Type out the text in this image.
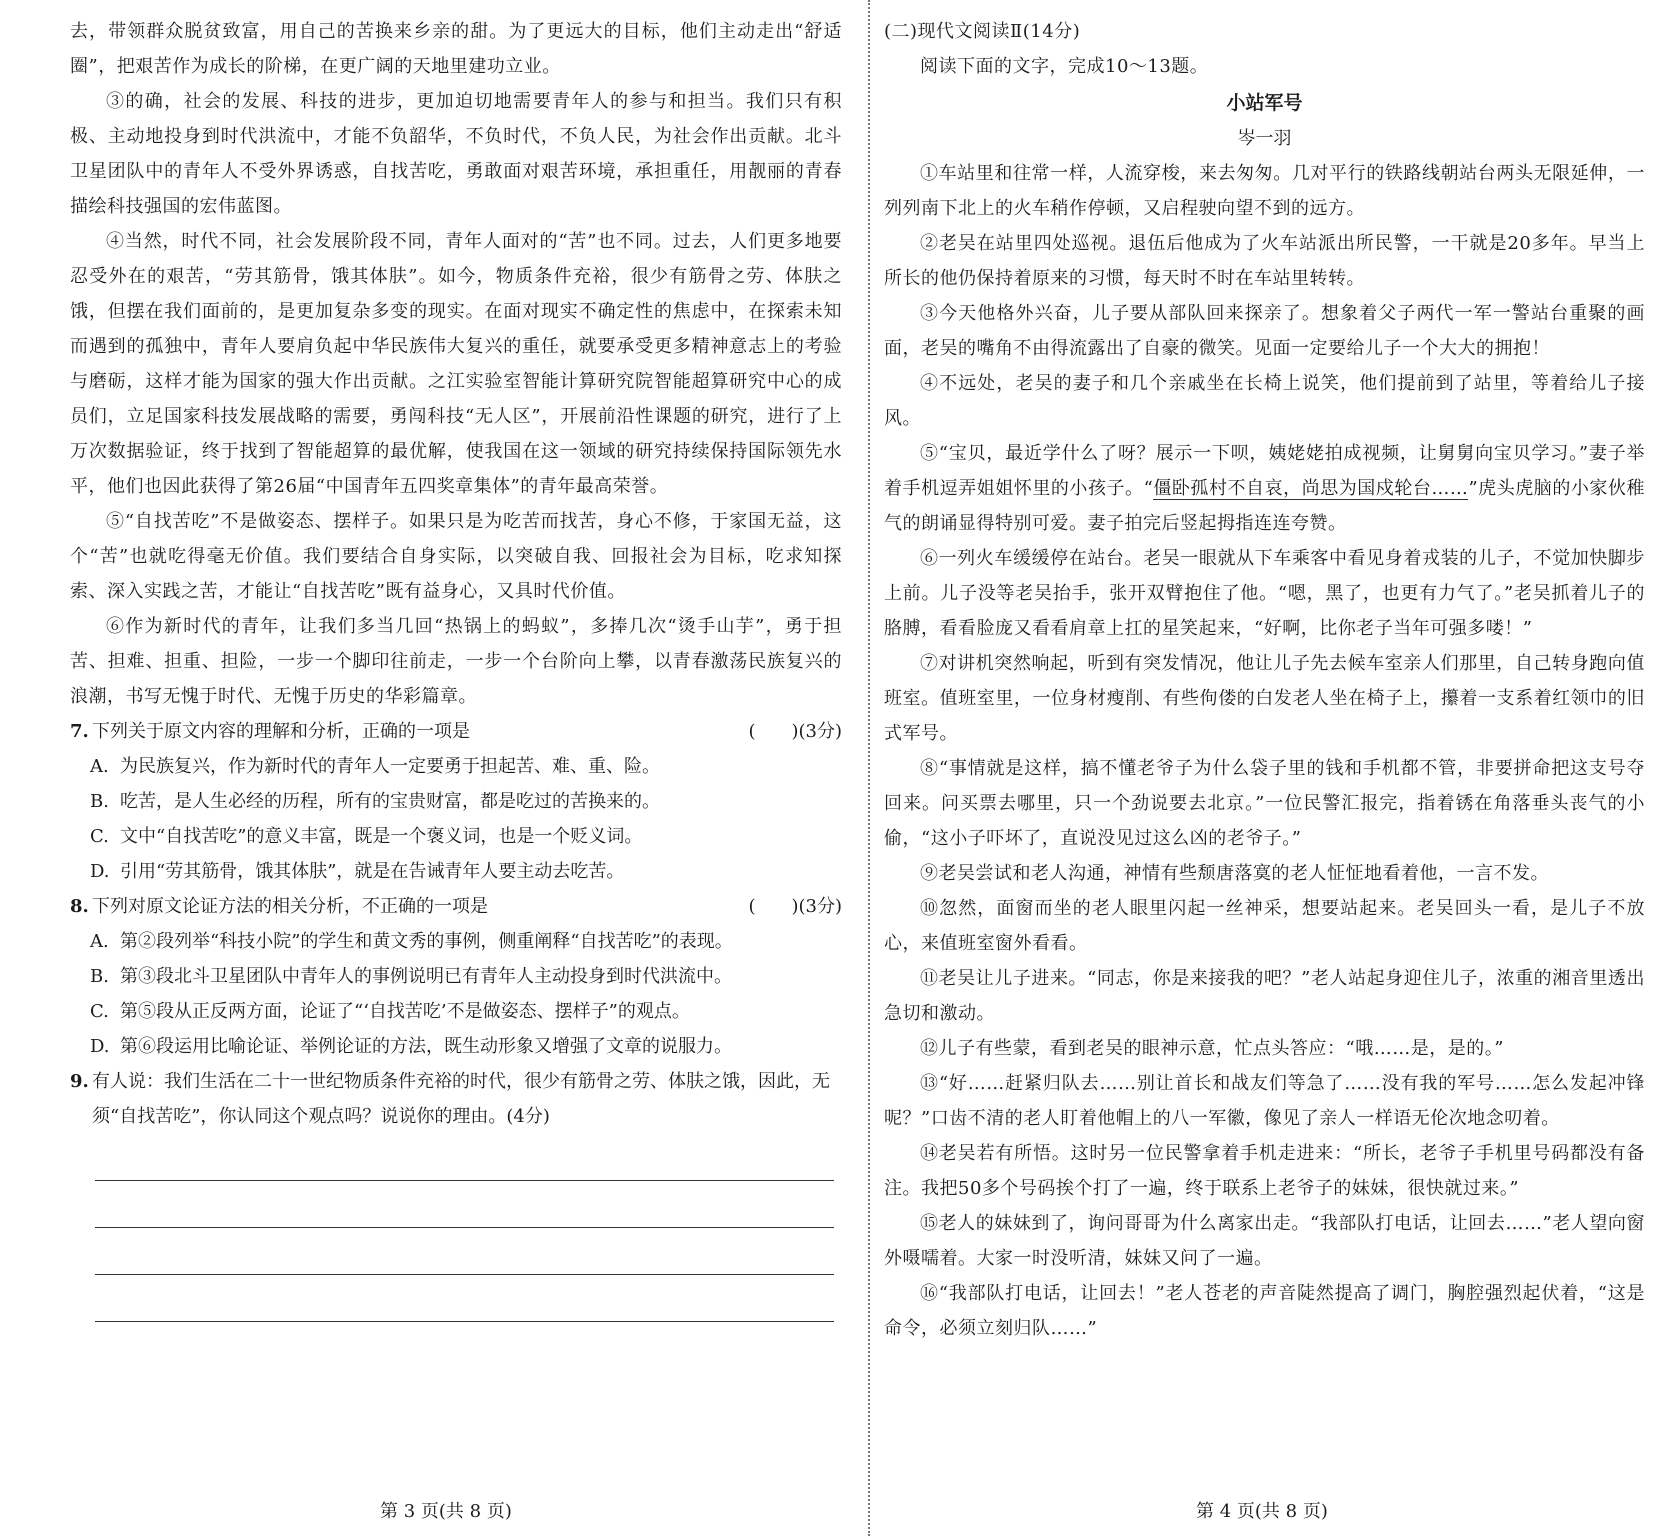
去，带领群众脱贫致富，用自己的苦换来乡亲的甜。为了更远大的目标，他们主动走出“舒适圈”，把艰苦作为成长的阶梯，在更广阔的天地里建功立业。

③的确，社会的发展、科技的进步，更加迫切地需要青年人的参与和担当。我们只有积极、主动地投身到时代洪流中，才能不负韶华，不负时代，不负人民，为社会作出贡献。北斗卫星团队中的青年人不受外界诱惑，自找苦吃，勇敢面对艰苦环境，承担重任，用靓丽的青春描绘科技强国的宏伟蓝图。

④当然，时代不同，社会发展阶段不同，青年人面对的“苦”也不同。过去，人们更多地要忍受外在的艰苦，“劳其筋骨，饿其体肤”。如今，物质条件充裕，很少有筋骨之劳、体肤之饿，但摆在我们面前的，是更加复杂多变的现实。在面对现实不确定性的焦虑中，在探索未知而遇到的孤独中，青年人要肩负起中华民族伟大复兴的重任，就要承受更多精神意志上的考验与磨砺，这样才能为国家的强大作出贡献。之江实验室智能计算研究院智能超算研究中心的成员们，立足国家科技发展战略的需要，勇闯科技“无人区”，开展前沿性课题的研究，进行了上万次数据验证，终于找到了智能超算的最优解，使我国在这一领域的研究持续保持国际领先水平，他们也因此获得了第26届“中国青年五四奖章集体”的青年最高荣誉。

⑤“自找苦吃”不是做姿态、摆样子。如果只是为吃苦而找苦，身心不修，于家国无益，这个“苦”也就吃得毫无价值。我们要结合自身实际，以突破自我、回报社会为目标，吃求知探索、深入实践之苦，才能让“自找苦吃”既有益身心，又具时代价值。

⑥作为新时代的青年，让我们多当几回“热锅上的蚂蚁”，多捧几次“烫手山芋”，勇于担苦、担难、担重、担险，一步一个脚印往前走，一步一个台阶向上攀，以青春激荡民族复兴的浪潮，书写无愧于时代、无愧于历史的华彩篇章。

7. 下列关于原文内容的理解和分析，正确的一项是	(　　)(3分)
A. 为民族复兴，作为新时代的青年人一定要勇于担起苦、难、重、险。
B. 吃苦，是人生必经的历程，所有的宝贵财富，都是吃过的苦换来的。
C. 文中“自找苦吃”的意义丰富，既是一个褒义词，也是一个贬义词。
D. 引用“劳其筋骨，饿其体肤”，就是在告诫青年人要主动去吃苦。
8. 下列对原文论证方法的相关分析，不正确的一项是	(　　)(3分)
A. 第②段列举“科技小院”的学生和黄文秀的事例，侧重阐释“自找苦吃”的表现。
B. 第③段北斗卫星团队中青年人的事例说明已有青年人主动投身到时代洪流中。
C. 第⑤段从正反两方面，论证了“‘自找苦吃’不是做姿态、摆样子”的观点。
D. 第⑥段运用比喻论证、举例论证的方法，既生动形象又增强了文章的说服力。
9. 有人说：我们生活在二十一世纪物质条件充裕的时代，很少有筋骨之劳、体肤之饿，因此，无须“自找苦吃”，你认同这个观点吗？说说你的理由。(4分)

(二)现代文阅读Ⅱ(14分)

阅读下面的文字，完成10～13题。

小站军号
岑一羽

①车站里和往常一样，人流穿梭，来去匆匆。几对平行的铁路线朝站台两头无限延伸，一列列南下北上的火车稍作停顿，又启程驶向望不到的远方。

②老吴在站里四处巡视。退伍后他成为了火车站派出所民警，一干就是20多年。早当上所长的他仍保持着原来的习惯，每天时不时在车站里转转。

③今天他格外兴奋，儿子要从部队回来探亲了。想象着父子两代一军一警站台重聚的画面，老吴的嘴角不由得流露出了自豪的微笑。见面一定要给儿子一个大大的拥抱！

④不远处，老吴的妻子和几个亲戚坐在长椅上说笑，他们提前到了站里，等着给儿子接风。

⑤“宝贝，最近学什么了呀？展示一下呗，姨姥姥拍成视频，让舅舅向宝贝学习。”妻子举着手机逗弄姐姐怀里的小孩子。“僵卧孤村不自哀，尚思为国戍轮台……”虎头虎脑的小家伙稚气的朗诵显得特别可爱。妻子拍完后竖起拇指连连夸赞。

⑥一列火车缓缓停在站台。老吴一眼就从下车乘客中看见身着戎装的儿子，不觉加快脚步上前。儿子没等老吴抬手，张开双臂抱住了他。“嗯，黑了，也更有力气了。”老吴抓着儿子的胳膊，看看脸庞又看看肩章上扛的星笑起来，“好啊，比你老子当年可强多喽！”

⑦对讲机突然响起，听到有突发情况，他让儿子先去候车室亲人们那里，自己转身跑向值班室。值班室里，一位身材瘦削、有些佝偻的白发老人坐在椅子上，攥着一支系着红领巾的旧式军号。

⑧“事情就是这样，搞不懂老爷子为什么袋子里的钱和手机都不管，非要拼命把这支号夺回来。问买票去哪里，只一个劲说要去北京。”一位民警汇报完，指着锈在角落垂头丧气的小偷，“这小子吓坏了，直说没见过这么凶的老爷子。”

⑨老吴尝试和老人沟通，神情有些颓唐落寞的老人怔怔地看着他，一言不发。

⑩忽然，面窗而坐的老人眼里闪起一丝神采，想要站起来。老吴回头一看，是儿子不放心，来值班室窗外看看。

⑪老吴让儿子进来。“同志，你是来接我的吧？”老人站起身迎住儿子，浓重的湘音里透出急切和激动。

⑫儿子有些蒙，看到老吴的眼神示意，忙点头答应：“哦……是，是的。”

⑬“好……赶紧归队去……别让首长和战友们等急了……没有我的军号……怎么发起冲锋呢？”口齿不清的老人盯着他帽上的八一军徽，像见了亲人一样语无伦次地念叨着。

⑭老吴若有所悟。这时另一位民警拿着手机走进来：“所长，老爷子手机里号码都没有备注。我把50多个号码挨个打了一遍，终于联系上老爷子的妹妹，很快就过来。”

⑮老人的妹妹到了，询问哥哥为什么离家出走。“我部队打电话，让回去……”老人望向窗外嗫嚅着。大家一时没听清，妹妹又问了一遍。

⑯“我部队打电话，让回去！”老人苍老的声音陡然提高了调门，胸腔强烈起伏着，“这是命令，必须立刻归队……”

第 3 页(共 8 页)	第 4 页(共 8 页)
